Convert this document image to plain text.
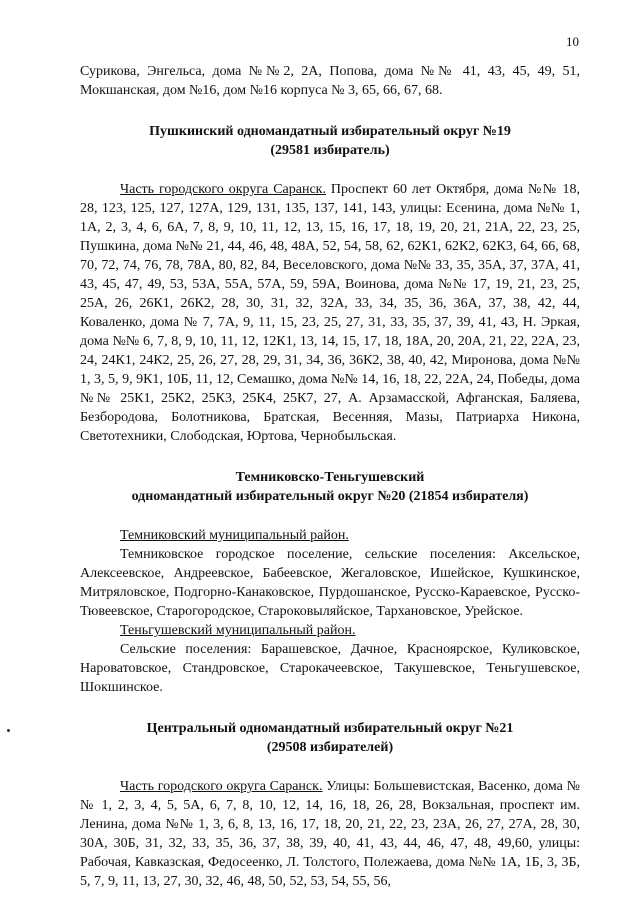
10

Сурикова, Энгельса, дома №№2, 2А, Попова, дома №№ 41, 43, 45, 49, 51, Мокшанская, дом №16, дом №16 корпуса № 3, 65, 66, 67, 68.

Пушкинский одномандатный избирательный округ №19

(29581 избиратель)

Часть городского округа Саранск. Проспект 60 лет Октября, дома №№ 18, 28, 123, 125, 127, 127А, 129, 131, 135, 137, 141, 143, улицы: Есенина, дома №№ 1, 1А, 2, 3, 4, 6, 6А, 7, 8, 9, 10, 11, 12, 13, 15, 16, 17, 18, 19, 20, 21, 21А, 22, 23, 25, Пушкина, дома №№ 21, 44, 46, 48, 48А, 52, 54, 58, 62, 62К1, 62К2, 62К3, 64, 66, 68, 70, 72, 74, 76, 78, 78А, 80, 82, 84, Веселовского, дома №№ 33, 35, 35А, 37, 37А, 41, 43, 45, 47, 49, 53, 53А, 55А, 57А, 59, 59А, Воинова, дома №№ 17, 19, 21, 23, 25, 25А, 26, 26К1, 26К2, 28, 30, 31, 32, 32А, 33, 34, 35, 36, 36А, 37, 38, 42, 44, Коваленко, дома № 7, 7А, 9, 11, 15, 23, 25, 27, 31, 33, 35, 37, 39, 41, 43, Н. Эркая, дома №№ 6, 7, 8, 9, 10, 11, 12, 12К1, 13, 14, 15, 17, 18, 18А, 20, 20А, 21, 22, 22А, 23, 24, 24К1, 24К2, 25, 26, 27, 28, 29, 31, 34, 36, 36К2, 38, 40, 42, Миронова, дома №№ 1, 3, 5, 9, 9К1, 10Б, 11, 12, Семашко, дома №№ 14, 16, 18, 22, 22А, 24, Победы, дома №№ 25К1, 25К2, 25К3, 25К4, 25К7, 27, А. Арзамасской, Афганская, Баляева, Безбородова, Болотникова, Братская, Весенняя, Мазы, Патриарха Никона, Светотехники, Слободская, Юртова, Чернобыльская.

Темниковско-Теньгушевский

одномандатный избирательный округ №20 (21854 избирателя)

Темниковский муниципальный район.

Темниковское городское поселение, сельские поселения: Аксельское, Алексеевское, Андреевское, Бабеевское, Жегаловское, Ишейское, Кушкинское, Митряловское, Подгорно-Канаковское, Пурдошанское, Русско-Караевское, Русско-Тювеевское, Старогородское, Староковыляйское, Тархановское, Урейское.

Теньгушевский муниципальный район.

Сельские поселения: Барашевское, Дачное, Красноярское, Куликовское, Нароватовское, Стандровское, Старокачеевское, Такушевское, Теньгушевское, Шокшинское.

Центральный одномандатный избирательный округ №21

(29508 избирателей)

Часть городского округа Саранск. Улицы: Большевистская, Васенко, дома №№ 1, 2, 3, 4, 5, 5А, 6, 7, 8, 10, 12, 14, 16, 18, 26, 28, Вокзальная, проспект им. Ленина, дома №№ 1, 3, 6, 8, 13, 16, 17, 18, 20, 21, 22, 23, 23А, 26, 27, 27А, 28, 30, 30А, 30Б, 31, 32, 33, 35, 36, 37, 38, 39, 40, 41, 43, 44, 46, 47, 48, 49,60, улицы: Рабочая, Кавказская, Федосеенко, Л. Толстого, Полежаева, дома №№ 1А, 1Б, 3, 3Б, 5, 7, 9, 11, 13, 27, 30, 32, 46, 48, 50, 52, 53, 54, 55, 56,
